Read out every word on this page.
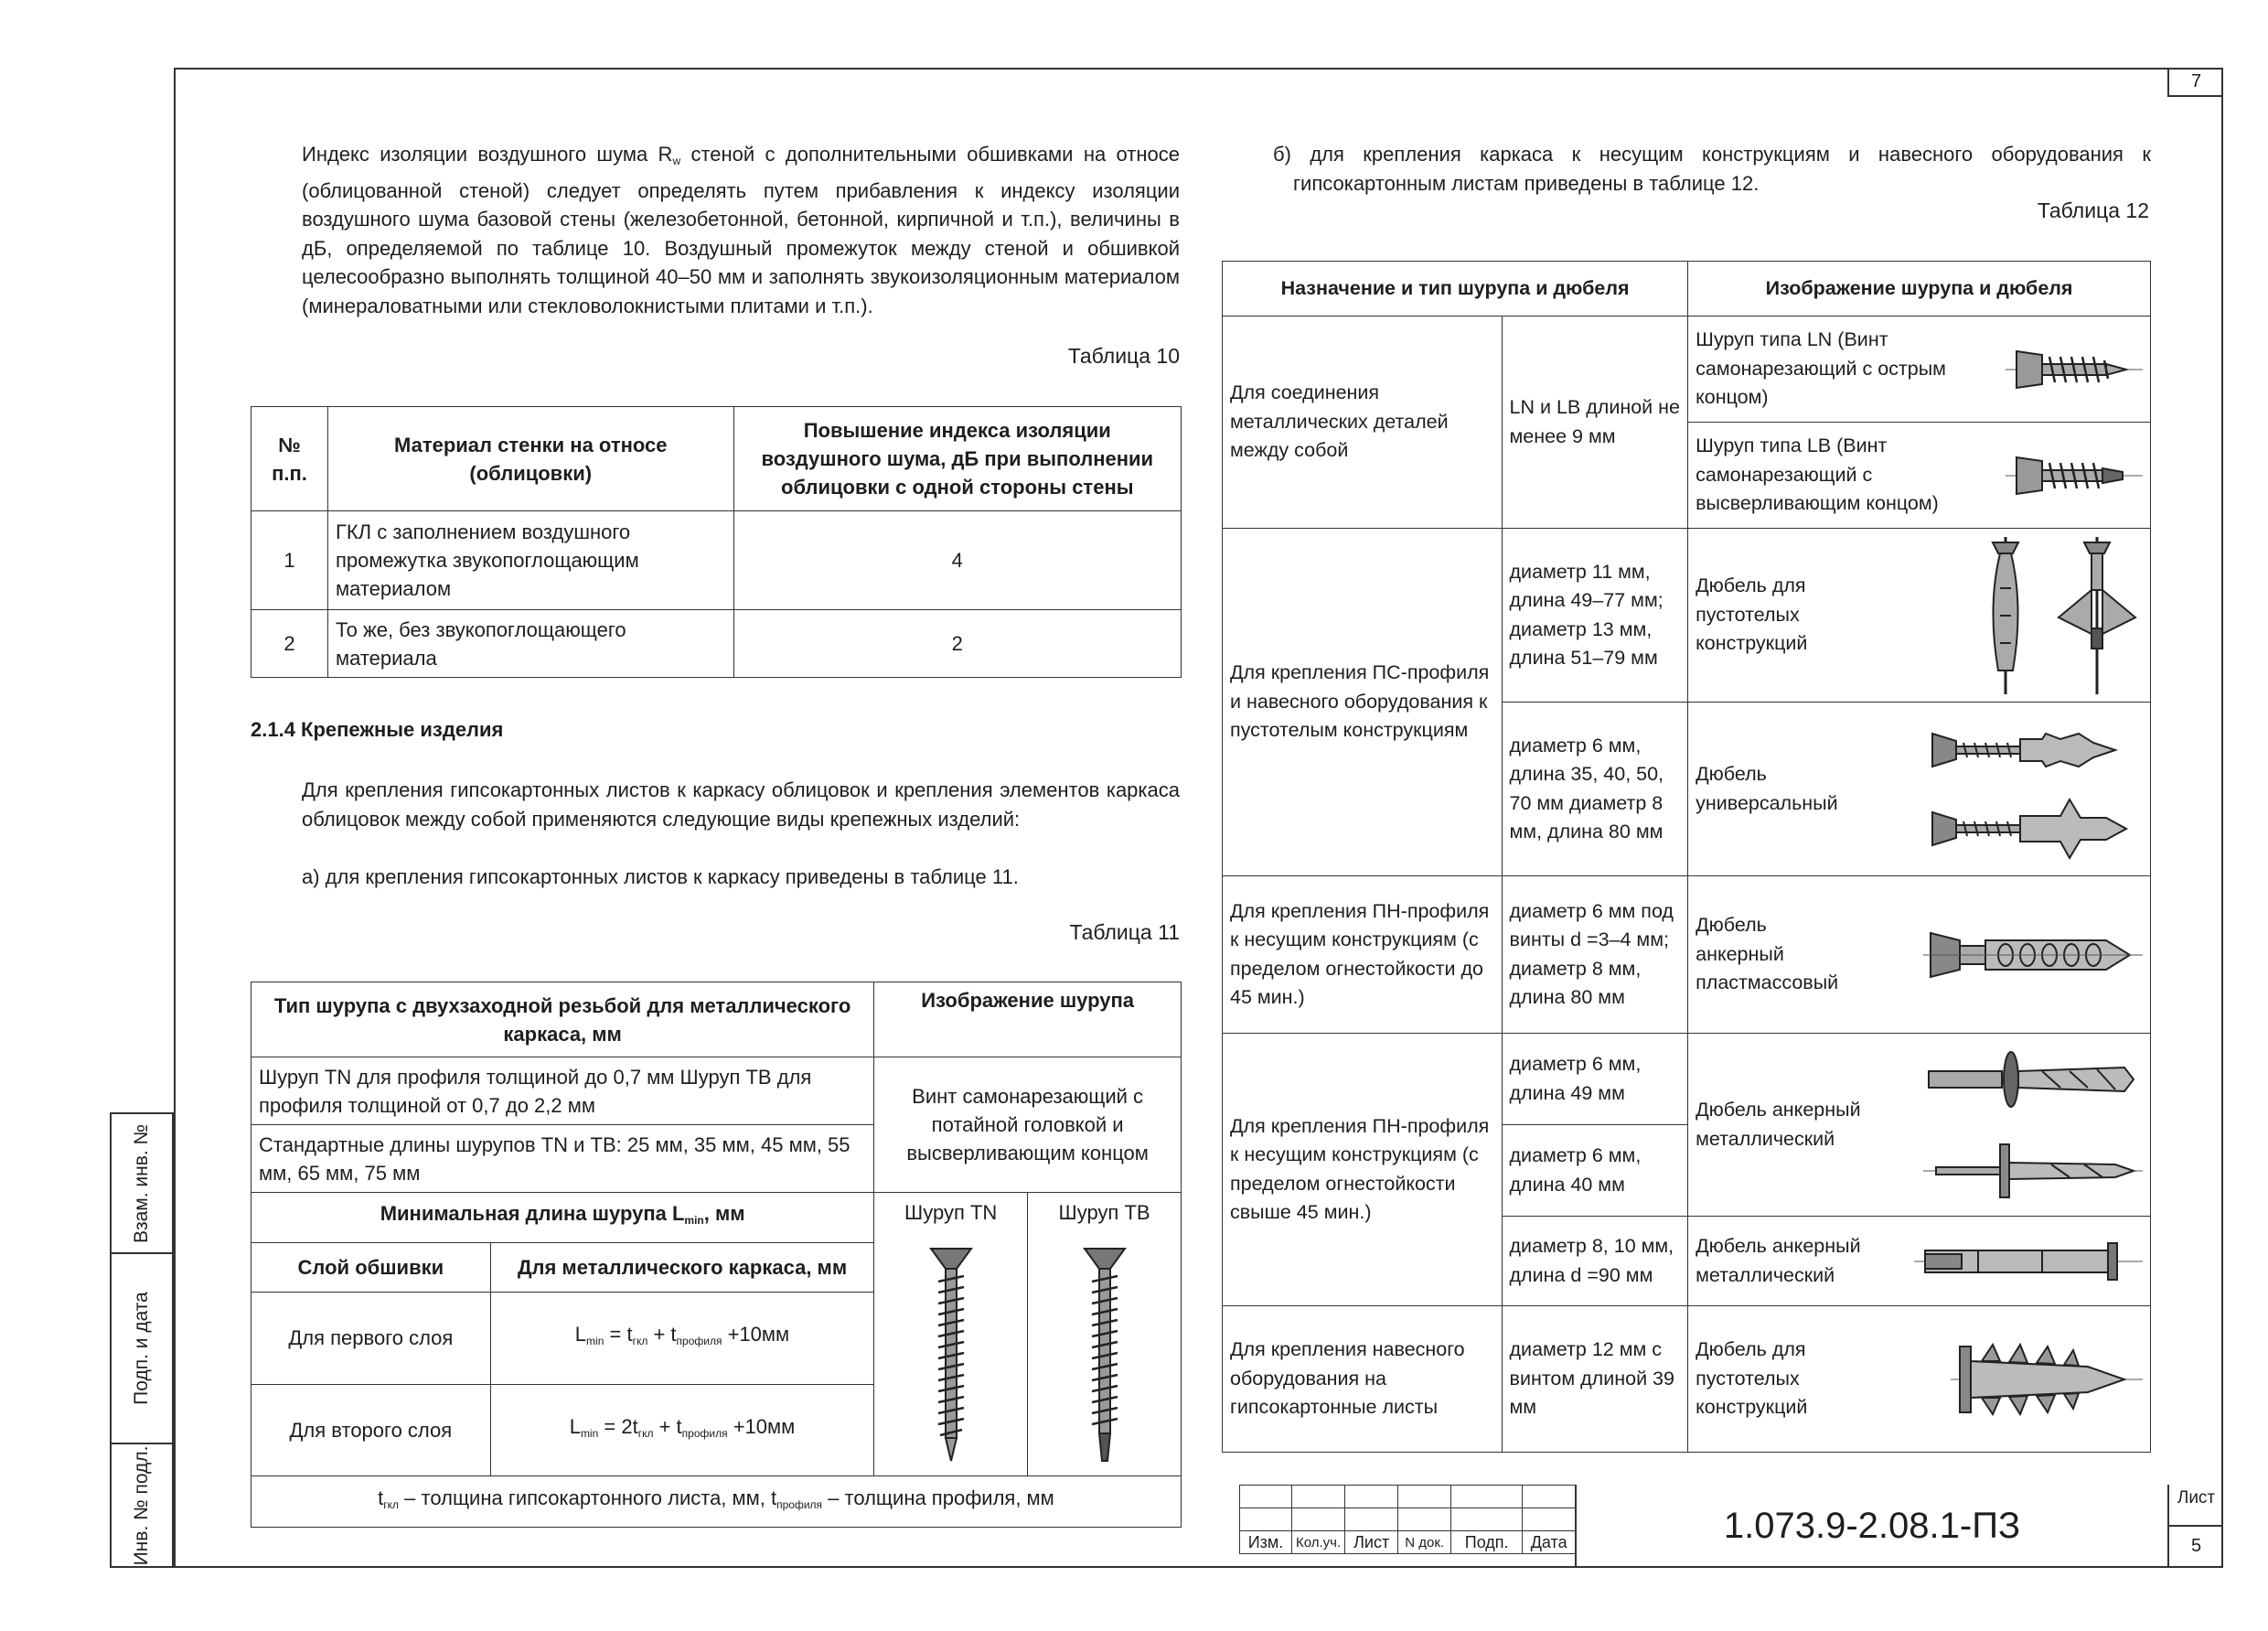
7
Взам. инв. №
Подп. и дата
Инв. № подл.
Индекс изоляции воздушного шума $R_w$ стеной с дополнительными обшивками на относе (облицованной стеной) следует определять путем прибавления к индексу изоляции воздушного шума базовой стены (железобетонной, бетонной, кирпичной и т.п.), величины в дБ, определяемой по таблице 10. Воздушный промежуток между стеной и обшивкой целесообразно выполнять толщиной 40–50 мм и заполнять звукоизоляционным материалом (минераловатными или стекловолокнистыми плитами и т.п.).
Таблица 10
№ п.п.	Материал стенки на относе (облицовки)	Повышение индекса изоляции воздушного шума, дБ при выполнении облицовки с одной стороны стены
1	ГКЛ с заполнением воздушного промежутка звукопоглощающим материалом	4
2	То же, без звукопоглощающего материала	2
2.1.4 Крепежные изделия
Для крепления гипсокартонных листов к каркасу облицовок и крепления элементов каркаса облицовок между собой применяются следующие виды крепежных изделий:
а) для крепления гипсокартонных листов к каркасу приведены в таблице 11.
Таблица 11
Тип шурупа с двухзаходной резьбой для металлического каркаса, мм		Изображение шурупа	
Шуруп TN для профиля толщиной до 0,7 мм Шуруп TB для профиля толщиной от 0,7 до 2,2 мм		Винт самонарезающий с потайной головкой и высверливающим концом	
Стандартные длины шурупов TN и TB: 25 мм, 35 мм, 45 мм, 55 мм, 65 мм, 75 мм			
Минимальная длина шурупа $L_{min}$, мм		Шуруп TN	Шуруп TB

Слой обшивки	Для металлического каркаса, мм		
Для первого слоя	$L_{min} = t_{гкл} + t_{профиля} +10мм$		
Для второго слоя	$L_{min} = 2t_{гкл} + t_{профиля} +10мм$		
$t_{гкл}$ – толщина гипсокартонного листа, мм, $t_{профиля}$ – толщина профиля, мм			
б) для крепления каркаса к несущим конструкциям и навесного оборудования к гипсокартонным листам приведены в таблице 12.
Таблица 12
Назначение и тип шурупа и дюбеля		Изображение шурупа и дюбеля
Для соединения металлических деталей между собой	LN и LB длиной не менее 9 мм	Шуруп типа LN (Винт самонарезающий с острым концом)

		Шуруп типа LB (Винт самонарезающий с высверливающим концом)

Для крепления ПС-профиля и навесного оборудования к пустотелым конструкциям	диаметр 11 мм, длина 49–77 мм; диаметр 13 мм, длина 51–79 мм	Дюбель для пустотелых конструкций

	диаметр 6 мм, длина 35, 40, 50, 70 мм диаметр 8 мм, длина 80 мм	Дюбель универсальный

Для крепления ПН-профиля к несущим конструкциям (с пределом огнестойкости до 45 мин.)	диаметр 6 мм под винты d =3–4 мм; диаметр 8 мм, длина 80 мм	Дюбель анкерный пластмассовый

Для крепления ПН-профиля к несущим конструкциям (с пределом огнестойкости свыше 45 мин.)	диаметр 6 мм, длина 49 мм	Дюбель анкерный металлический

	диаметр 6 мм, длина 40 мм	
	диаметр 8, 10 мм, длина d =90 мм	Дюбель анкерный металлический

Для крепления навесного оборудования на гипсокартонные листы	диаметр 12 мм с винтом длиной 39 мм	Дюбель для пустотелых конструкций

Изм.	Кол.уч.	Лист	N док.	Подп.	Дата	1.073.9-2.08.1-ПЗ
Лист
5
